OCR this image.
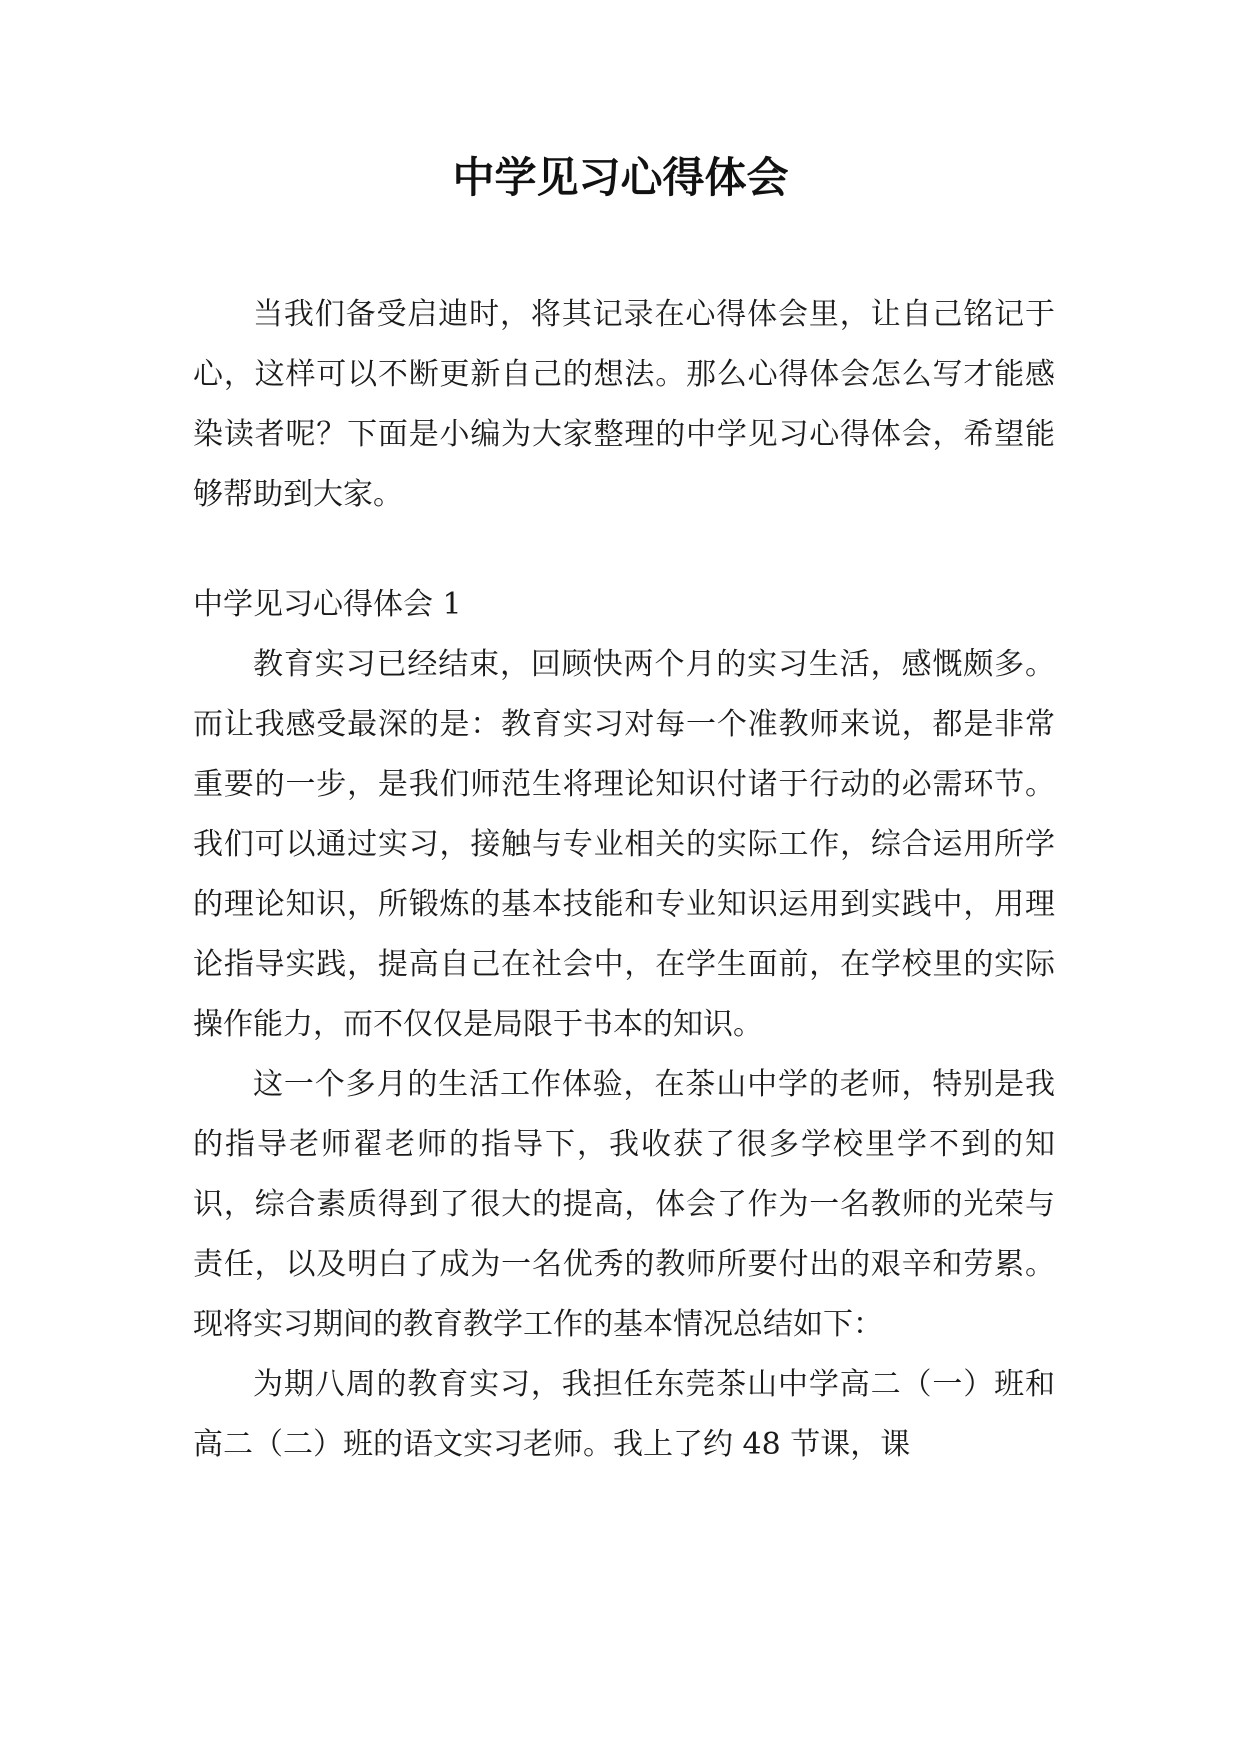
中学见习心得体会

当我们备受启迪时，将其记录在心得体会里，让自己铭记于心，这样可以不断更新自己的想法。那么心得体会怎么写才能感染读者呢？下面是小编为大家整理的中学见习心得体会，希望能够帮助到大家。

中学见习心得体会 1

教育实习已经结束，回顾快两个月的实习生活，感慨颇多。而让我感受最深的是：教育实习对每一个准教师来说，都是非常重要的一步，是我们师范生将理论知识付诸于行动的必需环节。我们可以通过实习，接触与专业相关的实际工作，综合运用所学的理论知识，所锻炼的基本技能和专业知识运用到实践中，用理论指导实践，提高自己在社会中，在学生面前，在学校里的实际操作能力，而不仅仅是局限于书本的知识。

这一个多月的生活工作体验，在茶山中学的老师，特别是我的指导老师翟老师的指导下，我收获了很多学校里学不到的知识，综合素质得到了很大的提高，体会了作为一名教师的光荣与责任，以及明白了成为一名优秀的教师所要付出的艰辛和劳累。现将实习期间的教育教学工作的基本情况总结如下：

为期八周的教育实习，我担任东莞茶山中学高二（一）班和高二（二）班的语文实习老师。我上了约 48 节课，课
